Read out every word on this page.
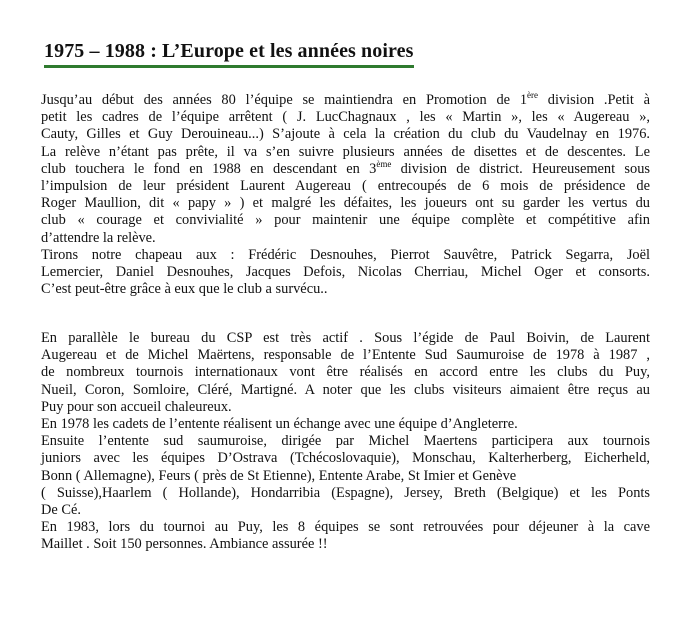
1975 – 1988 : L’Europe et les années noires
Jusqu’au début des années 80 l’équipe se maintiendra en Promotion de 1ère division .Petit à
petit les cadres de l’équipe arrêtent ( J. LucChagnaux , les « Martin », les « Augereau »,
Cauty, Gilles et Guy Derouineau...) S’ajoute à cela la création du club du Vaudelnay en 1976.
La relève n’étant pas prête, il va s’en suivre plusieurs années de disettes et de descentes. Le
club toucherа le fond en 1988 en descendant en 3ème division de district. Heureusement sous
l’impulsion de leur président Laurent Augereau ( entrecoupés de 6 mois de présidence de
Roger Maullion, dit « papy » ) et malgré les défaites, les joueurs ont su garder les vertus du
club « courage et convivialité » pour maintenir une équipe complète et compétitive afin
d’attendre la relève.
Tirons notre chapeau aux : Frédéric Desnouhes, Pierrot Sauvêtre, Patrick Segarra, Joël
Lemercier, Daniel Desnouhes, Jacques Defois, Nicolas Cherriau, Michel Oger et consorts.
C’est peut-être grâce à eux que le club a survécu..
En parallèle le bureau du CSP est très actif . Sous l’égide de Paul Boivin, de Laurent
Augereau et de Michel Maërtens, responsable de l’Entente Sud Saumuroise de 1978 à 1987 ,
de nombreux tournois internationaux vont être réalisés en accord entre les clubs du Puy,
Nueil, Coron, Somloire, Cléré, Martigné. A noter que les clubs visiteurs aimaient être reçus au
Puy pour son accueil chaleureux.
En 1978 les cadets de l’entente réalisent un échange avec une équipe d’Angleterre.
Ensuite l’entente sud saumuroise, dirigée par Michel Maertens participera aux tournois
juniors avec les équipes D’Ostrava (Tchécoslovaquie), Monschau, Kalterherberg, Eicherheld,
Bonn ( Allemagne), Feurs ( près de St Etienne), Entente Arabe, St Imier et Genève
( Suisse),Haarlem ( Hollande), Hondarribia (Espagne), Jersey, Breth (Belgique) et les Ponts
De Cé.
En 1983, lors du tournoi au Puy, les 8 équipes se sont retrouvées pour déjeuner à la cave
Maillet . Soit 150 personnes. Ambiance assurée !!
